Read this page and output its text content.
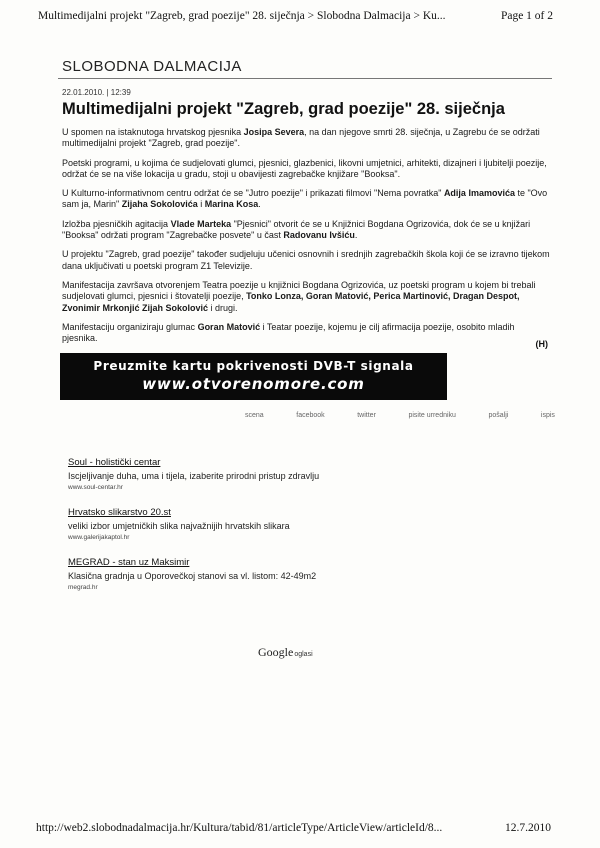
Multimedijalni projekt "Zagreb, grad poezije" 28. siječnja > Slobodna Dalmacija > Ku...	Page 1 of 2
SLOBODNA DALMACIJA
22.01.2010. | 12:39
Multimedijalni projekt "Zagreb, grad poezije" 28. siječnja

U spomen na istaknutoga hrvatskog pjesnika Josipa Severa, na dan njegove smrti 28. siječnja, u Zagrebu će se održati multimedijalni projekt "Zagreb, grad poezije".

Poetski programi, u kojima će sudjelovati glumci, pjesnici, glazbenici, likovni umjetnici, arhitekti, dizajneri i ljubitelji poezije, održat će se na više lokacija u gradu, stoji u obavijesti zagrebačke knjižare "Booksa".

U Kulturno-informativnom centru održat će se "Jutro poezije" i prikazati filmovi "Nema povratka" Adija Imamovića te "Ovo sam ja, Marin" Zijaha Sokolovića i Marina Kosa.

Izložba pjesničkih agitacija Vlade Marteka "Pjesnici" otvorit će se u Knjižnici Bogdana Ogrizovića, dok će se u knjižari "Booksa" održati program "Zagrebačke posvete" u čast Radovanu Ivšiću.

U projektu "Zagreb, grad poezije" također sudjeluju učenici osnovnih i srednjih zagrebačkih škola koji će se izravno tijekom dana uključivati u poetski program Z1 Televizije.

Manifestacija završava otvorenjem Teatra poezije u knjižnici Bogdana Ogrizovića, uz poetski program u kojem bi trebali sudjelovati glumci, pjesnici i štovatelji poezije, Tonko Lonza, Goran Matović, Perica Martinović, Dragan Despot, Zvonimir Mrkonjić Zijah Sokolović i drugi.

Manifestaciju organiziraju glumac Goran Matović i Teatar poezije, kojemu je cilj afirmacija poezije, osobito mladih pjesnika.

(H)
Preuzmite kartu pokrivenosti DVB-T signala
www.otvorenomore.com
scena	facebook	twitter	pisite urredniku	pošalji	ispis
Soul - holistički centar
Iscjeljivanje duha, uma i tijela, izaberite prirodni pristup zdravlju
www.soul-centar.hr
Hrvatsko slikarstvo 20.st
veliki izbor umjetničkih slika najvažnijih hrvatskih slikara
www.galerijakaptol.hr
MEGRAD - stan uz Maksimir
Klasična gradnja u Oporovečkoj stanovi sa vl. listom: 42-49m2
megrad.hr
Googleoglasi
http://web2.slobodnadalmacija.hr/Kultura/tabid/81/articleType/ArticleView/articleId/8...	12.7.2010
